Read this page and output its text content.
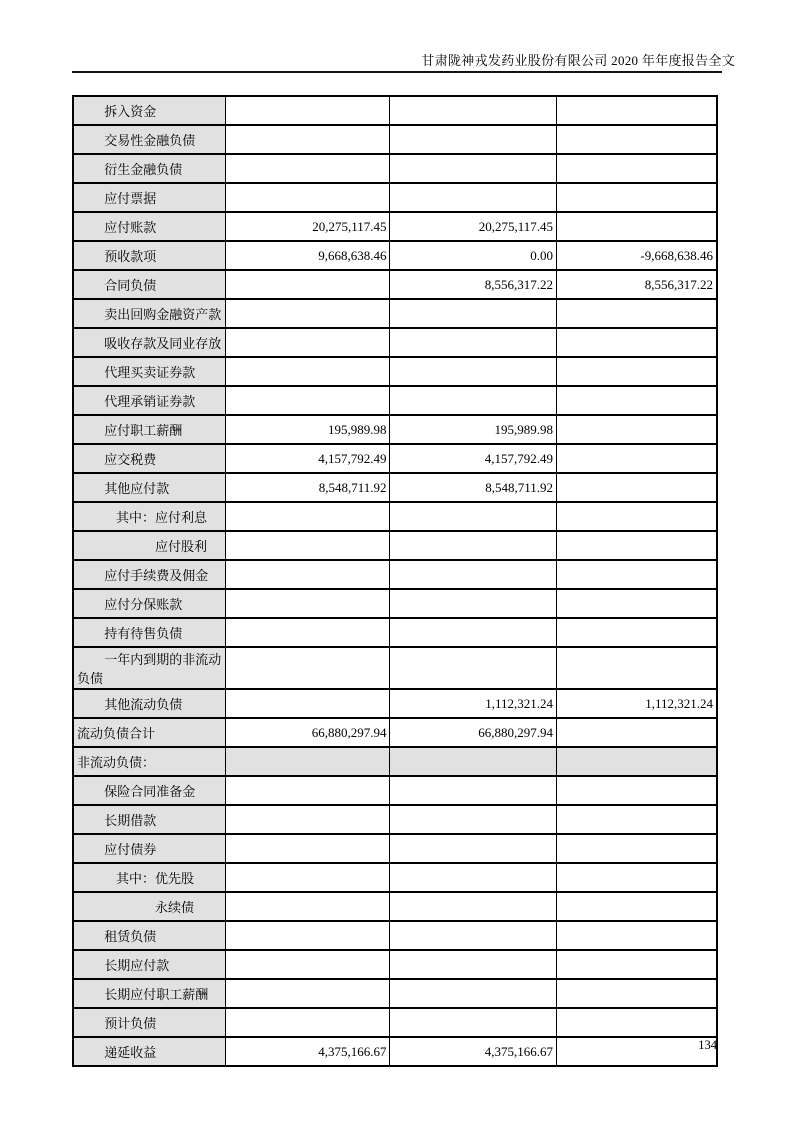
甘肃陇神戎发药业股份有限公司 2020 年年度报告全文
拆入资金			
交易性金融负债			
衍生金融负债			
应付票据			
应付账款	20,275,117.45	20,275,117.45	
预收款项	9,668,638.46	0.00	-9,668,638.46
合同负债		8,556,317.22	8,556,317.22
卖出回购金融资产款			
吸收存款及同业存放			
代理买卖证券款			
代理承销证券款			
应付职工薪酬	195,989.98	195,989.98	
应交税费	4,157,792.49	4,157,792.49	
其他应付款	8,548,711.92	8,548,711.92	
其中：应付利息			
应付股利			
应付手续费及佣金			
应付分保账款			
持有待售负债			
一年内到期的非流动负债			
其他流动负债		1,112,321.24	1,112,321.24
流动负债合计	66,880,297.94	66,880,297.94	
非流动负债：			
保险合同准备金			
长期借款			
应付债券			
其中：优先股			
永续债			
租赁负债			
长期应付款			
长期应付职工薪酬			
预计负债			
递延收益	4,375,166.67	4,375,166.67		134
